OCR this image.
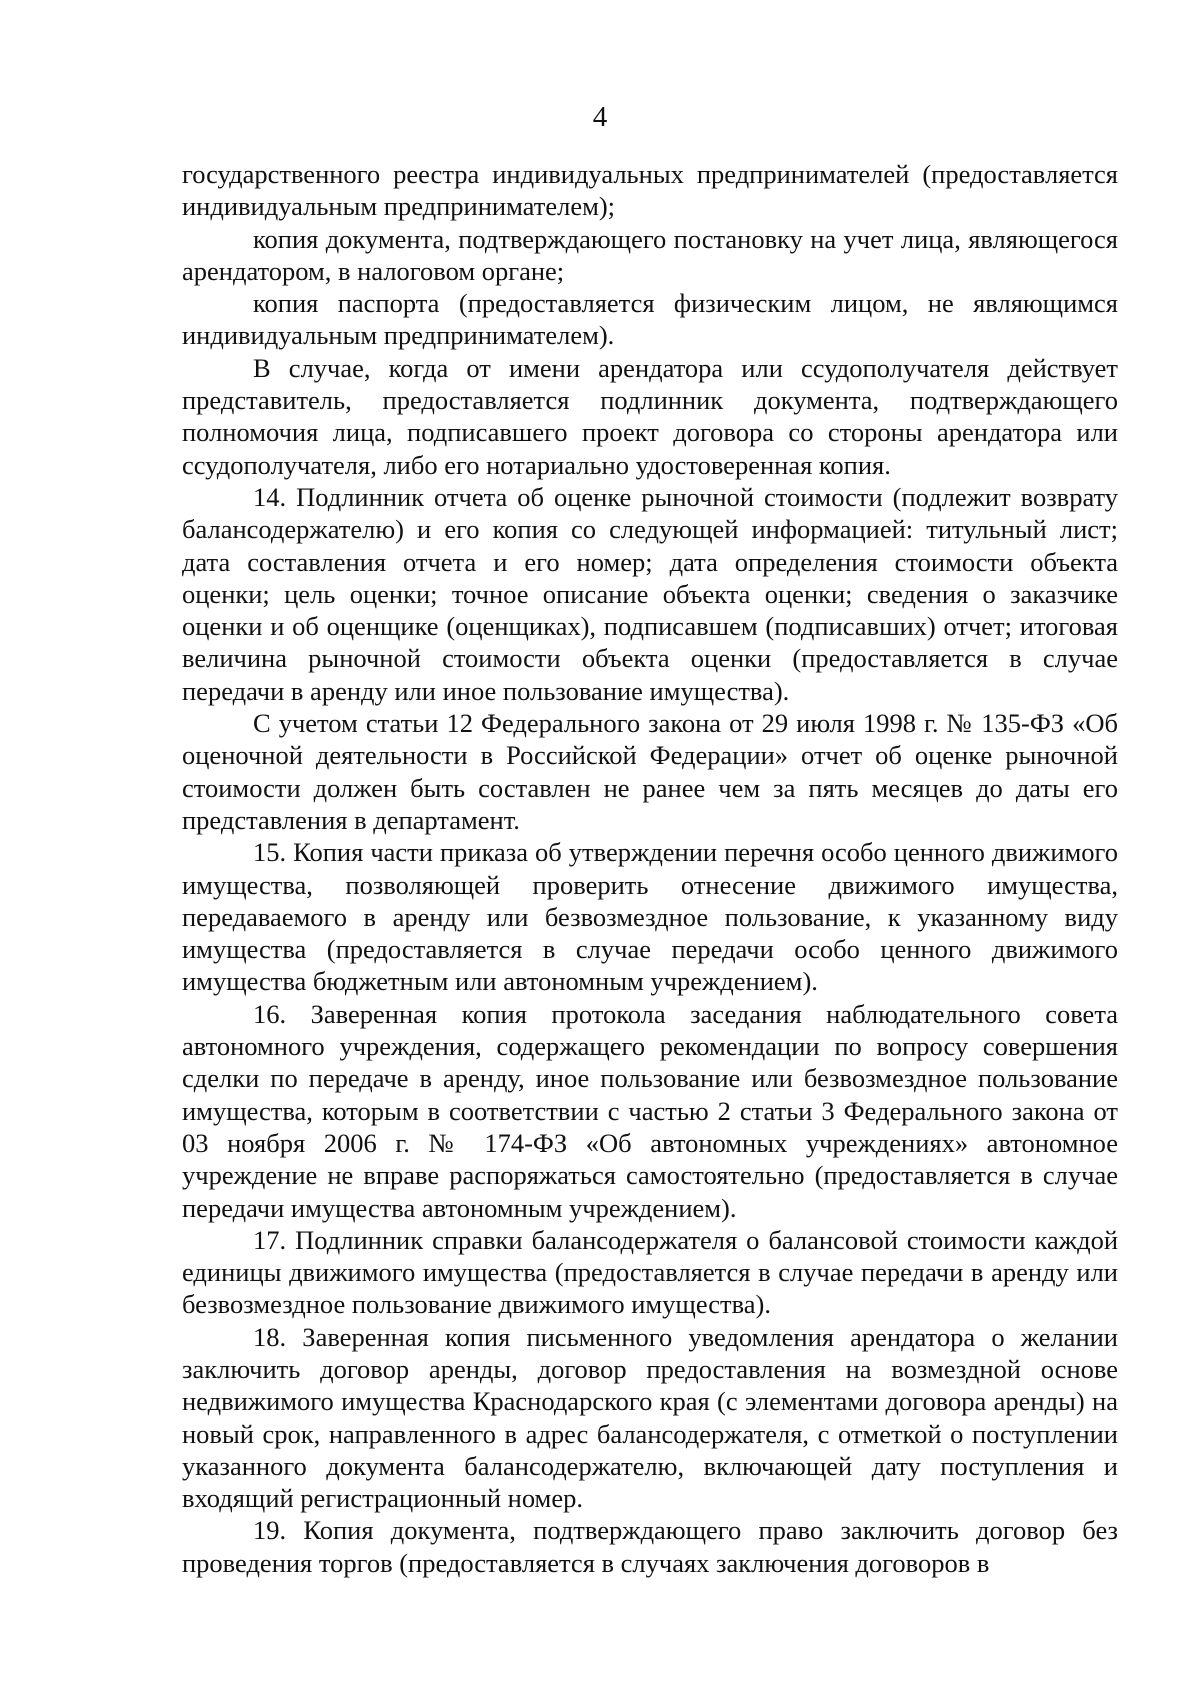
4

государственного реестра индивидуальных предпринимателей (предоставляется индивидуальным предпринимателем);

копия документа, подтверждающего постановку на учет лица, являющегося арендатором, в налоговом органе;

копия паспорта (предоставляется физическим лицом, не являющимся индивидуальным предпринимателем).

В случае, когда от имени арендатора или ссудополучателя действует представитель, предоставляется подлинник документа, подтверждающего полномочия лица, подписавшего проект договора со стороны арендатора или ссудополучателя, либо его нотариально удостоверенная копия.

14. Подлинник отчета об оценке рыночной стоимости (подлежит возврату балансодержателю) и его копия со следующей информацией: титульный лист; дата составления отчета и его номер; дата определения стоимости объекта оценки; цель оценки; точное описание объекта оценки; сведения о заказчике оценки и об оценщике (оценщиках), подписавшем (подписавших) отчет; итоговая величина рыночной стоимости объекта оценки (предоставляется в случае передачи в аренду или иное пользование имущества).

С учетом статьи 12 Федерального закона от 29 июля 1998 г. № 135-ФЗ «Об оценочной деятельности в Российской Федерации» отчет об оценке рыночной стоимости должен быть составлен не ранее чем за пять месяцев до даты его представления в департамент.

15. Копия части приказа об утверждении перечня особо ценного движимого имущества, позволяющей проверить отнесение движимого имущества, передаваемого в аренду или безвозмездное пользование, к указанному виду имущества (предоставляется в случае передачи особо ценного движимого имущества бюджетным или автономным учреждением).

16. Заверенная копия протокола заседания наблюдательного совета автономного учреждения, содержащего рекомендации по вопросу совершения сделки по передаче в аренду, иное пользование или безвозмездное пользование имущества, которым в соответствии с частью 2 статьи 3 Федерального закона от 03 ноября 2006 г. № 174-ФЗ «Об автономных учреждениях» автономное учреждение не вправе распоряжаться самостоятельно (предоставляется в случае передачи имущества автономным учреждением).

17. Подлинник справки балансодержателя о балансовой стоимости каждой единицы движимого имущества (предоставляется в случае передачи в аренду или безвозмездное пользование движимого имущества).

18. Заверенная копия письменного уведомления арендатора о желании заключить договор аренды, договор предоставления на возмездной основе недвижимого имущества Краснодарского края (с элементами договора аренды) на новый срок, направленного в адрес балансодержателя, с отметкой о поступлении указанного документа балансодержателю, включающей дату поступления и входящий регистрационный номер.

19. Копия документа, подтверждающего право заключить договор без проведения торгов (предоставляется в случаях заключения договоров в
